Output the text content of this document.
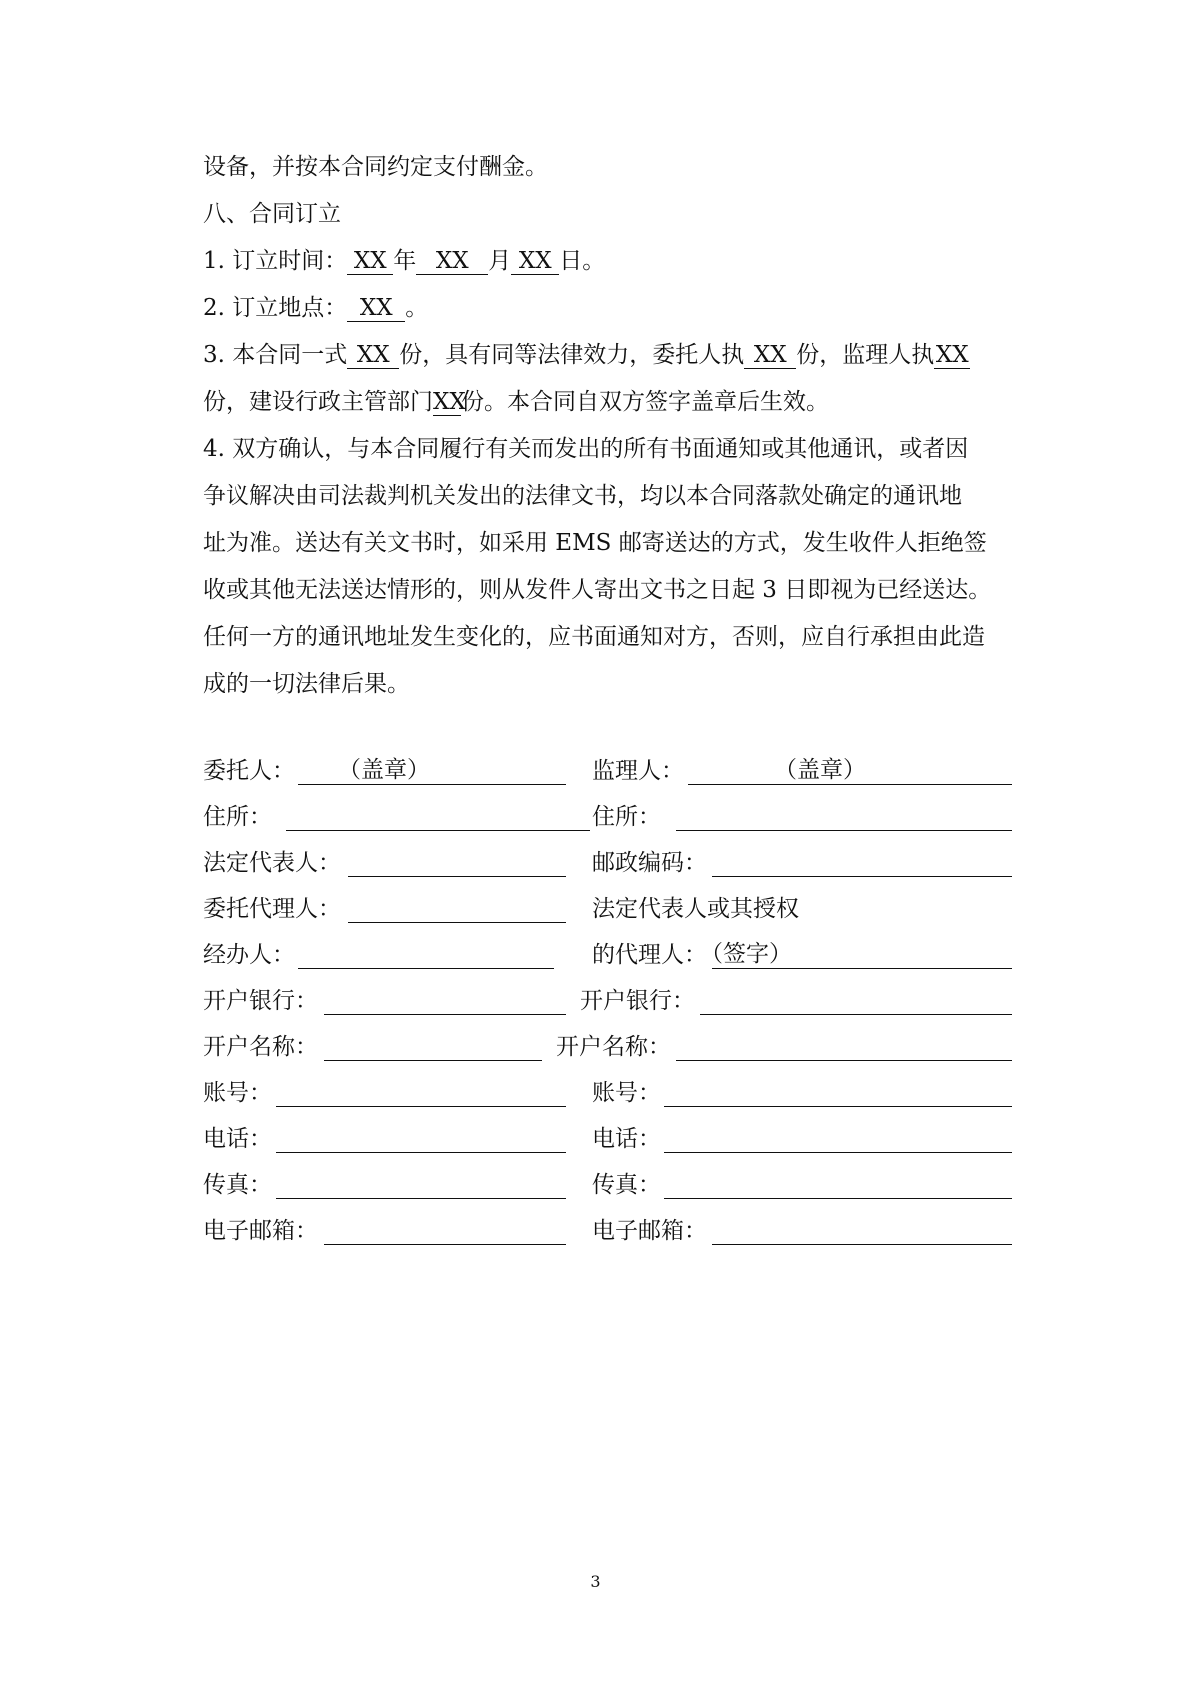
设备，并按本合同约定支付酬金。
八、合同订立
1. 订立时间： XX 年 XX 月 XX 日。
2. 订立地点： XX 。
3. 本合同一式 XX 份，具有同等法律效力，委托人执 XX 份，监理人执XX
份，建设行政主管部门XX份。本合同自双方签字盖章后生效。
4. 双方确认，与本合同履行有关而发出的所有书面通知或其他通讯，或者因
争议解决由司法裁判机关发出的法律文书，均以本合同落款处确定的通讯地
址为准。送达有关文书时，如采用 EMS 邮寄送达的方式，发生收件人拒绝签
收或其他无法送达情形的，则从发件人寄出文书之日起 3 日即视为已经送达。
任何一方的通讯地址发生变化的，应书面通知对方，否则，应自行承担由此造
成的一切法律后果。
委托人：	（盖章）
住所：
法定代表人：
委托代理人：
经办人：
开户银行：
开户名称：
账号：
电话：
传真：
电子邮箱：
监理人：	（盖章）
住所：
邮政编码：
法定代表人或其授权
的代理人：
（签字）
开户银行：
开户名称：
账号：
电话：
传真：
电子邮箱：
3
